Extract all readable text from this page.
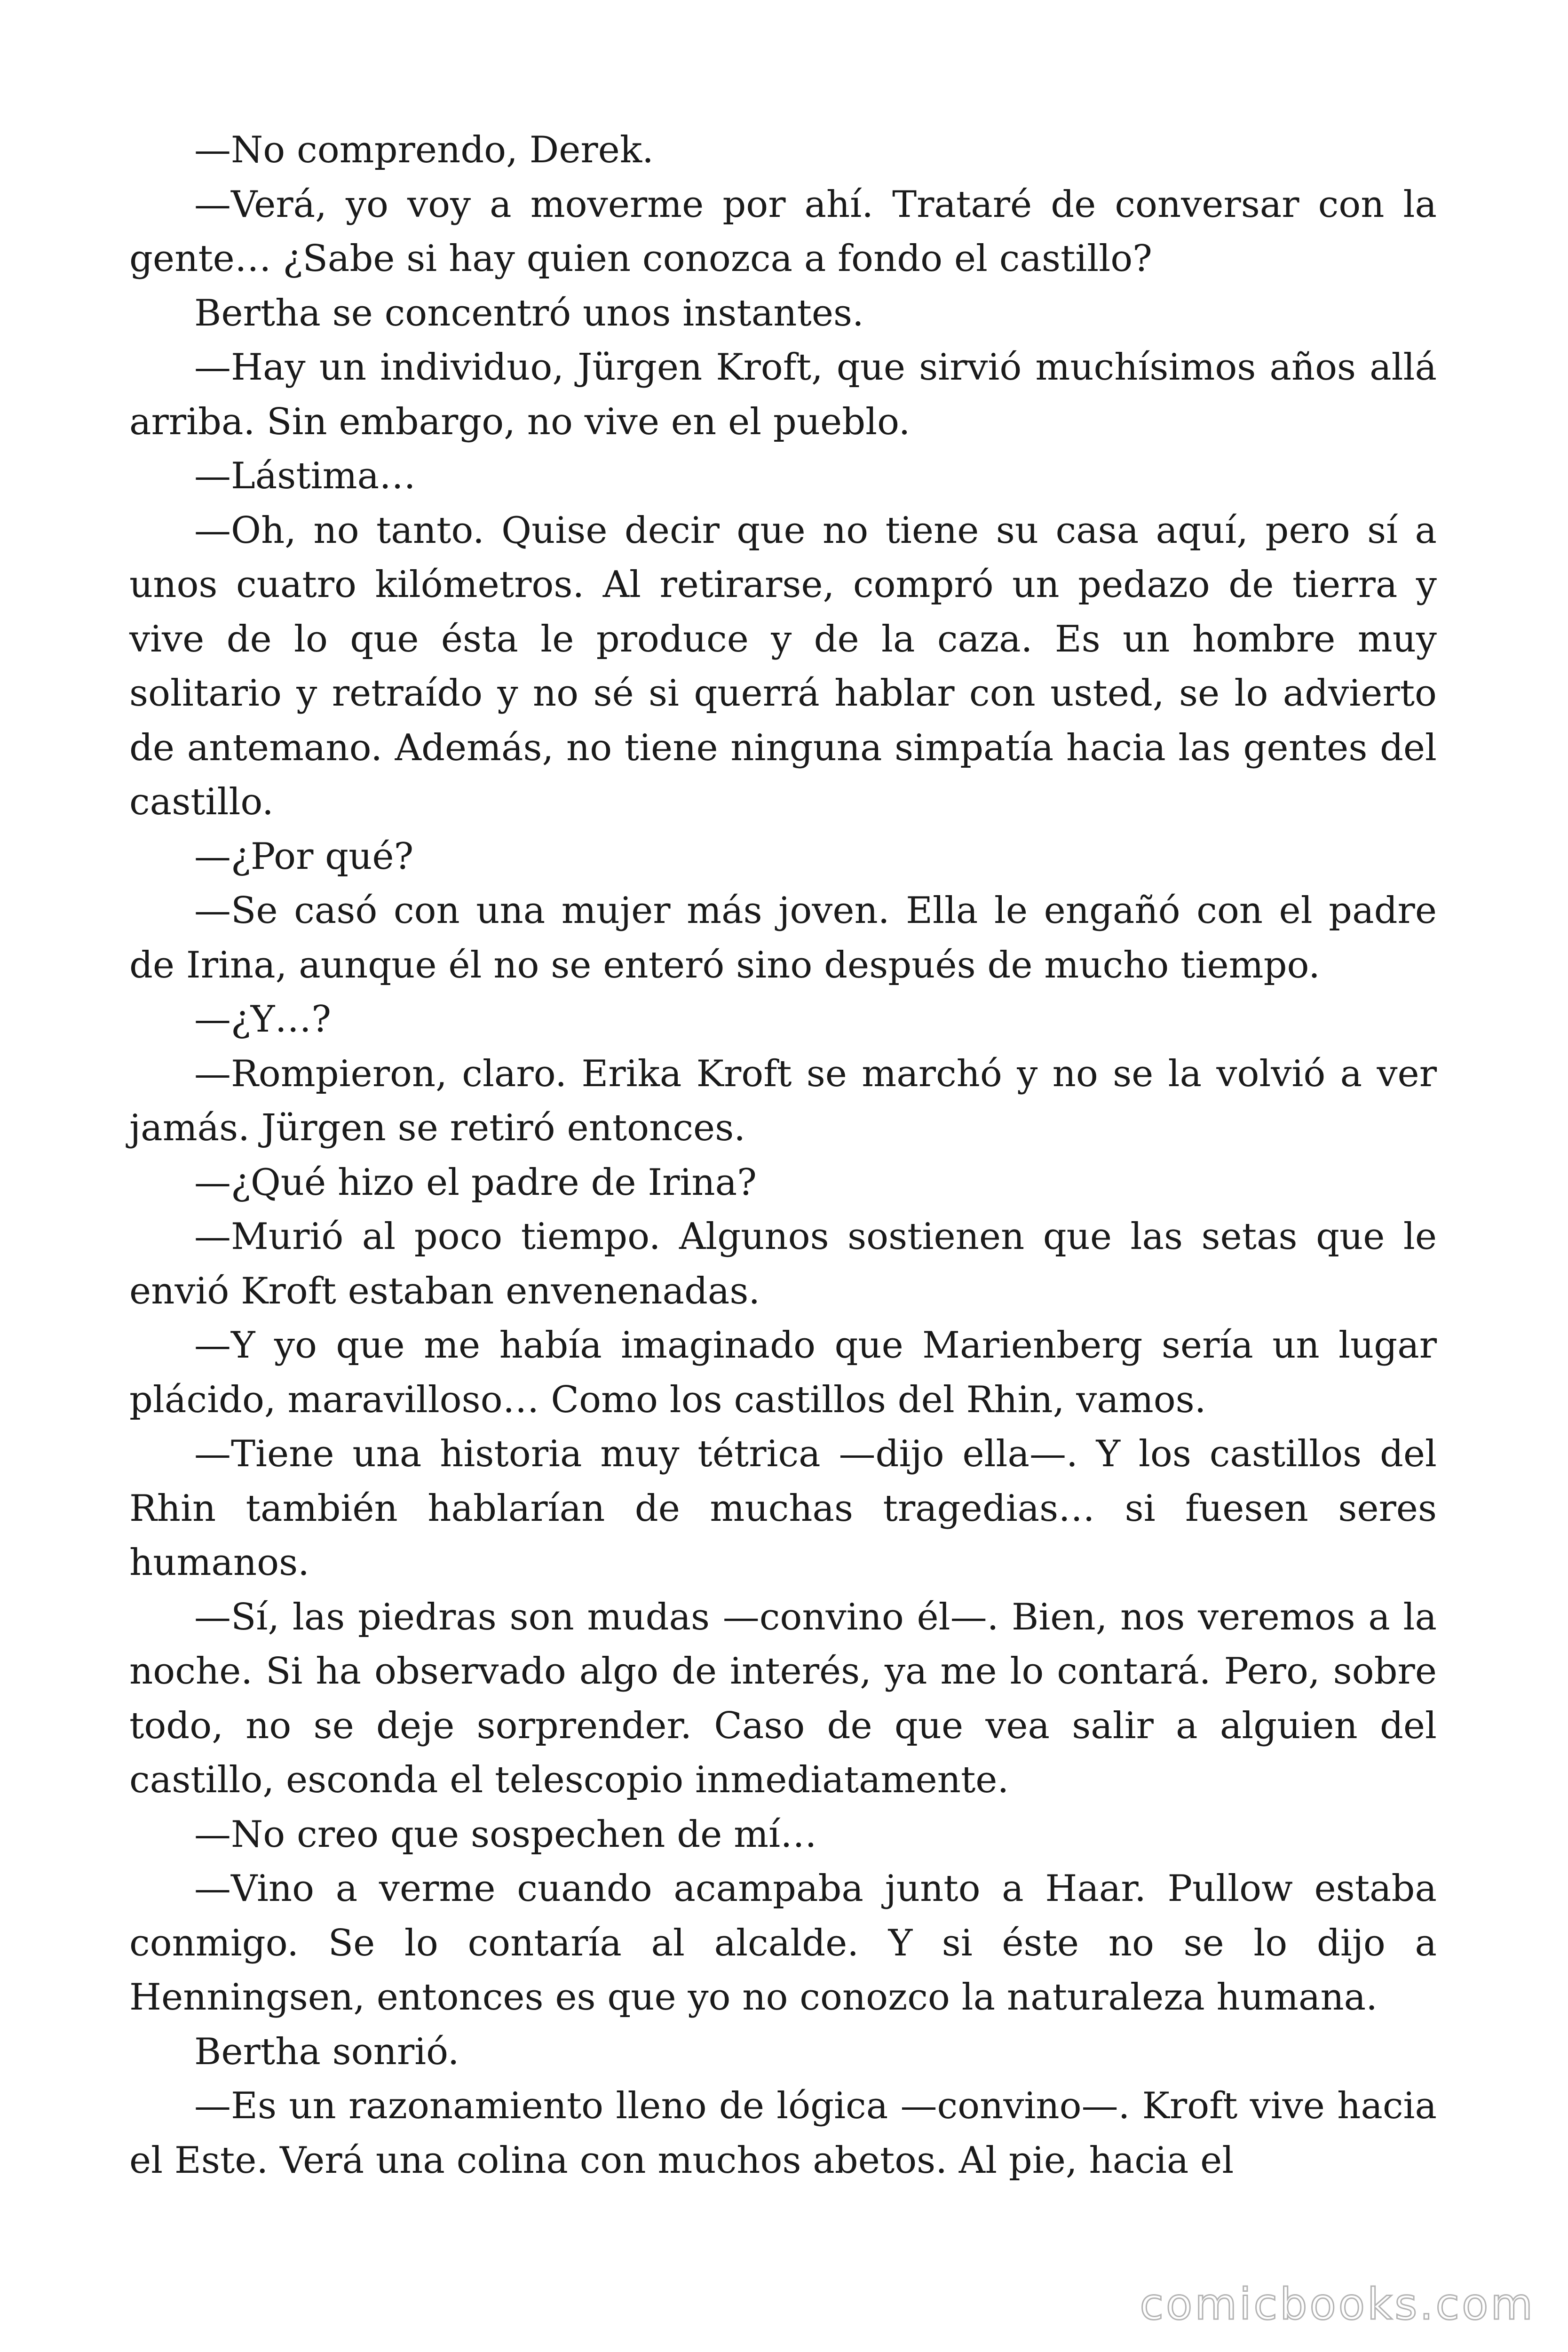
—No comprendo, Derek.

—Verá, yo voy a moverme por ahí. Trataré de conversar con la gente… ¿Sabe si hay quien conozca a fondo el castillo?

Bertha se concentró unos instantes.

—Hay un individuo, Jürgen Kroft, que sirvió muchísimos años allá arriba. Sin embargo, no vive en el pueblo.

—Lástima…

—Oh, no tanto. Quise decir que no tiene su casa aquí, pero sí a unos cuatro kilómetros. Al retirarse, compró un pedazo de tierra y vive de lo que ésta le produce y de la caza. Es un hombre muy solitario y retraído y no sé si querrá hablar con usted, se lo advierto de antemano. Además, no tiene ninguna simpatía hacia las gentes del castillo.

—¿Por qué?

—Se casó con una mujer más joven. Ella le engañó con el padre de Irina, aunque él no se enteró sino después de mucho tiempo.

—¿Y…?

—Rompieron, claro. Erika Kroft se marchó y no se la volvió a ver jamás. Jürgen se retiró entonces.

—¿Qué hizo el padre de Irina?

—Murió al poco tiempo. Algunos sostienen que las setas que le envió Kroft estaban envenenadas.

—Y yo que me había imaginado que Marienberg sería un lugar plácido, maravilloso… Como los castillos del Rhin, vamos.

—Tiene una historia muy tétrica —dijo ella—. Y los castillos del Rhin también hablarían de muchas tragedias… si fuesen seres humanos.

—Sí, las piedras son mudas —convino él—. Bien, nos veremos a la noche. Si ha observado algo de interés, ya me lo contará. Pero, sobre todo, no se deje sorprender. Caso de que vea salir a alguien del castillo, esconda el telescopio inmediatamente.

—No creo que sospechen de mí…

—Vino a verme cuando acampaba junto a Haar. Pullow estaba conmigo. Se lo contaría al alcalde. Y si éste no se lo dijo a Henningsen, entonces es que yo no conozco la naturaleza humana.

Bertha sonrió.

—Es un razonamiento lleno de lógica —convino—. Kroft vive hacia el Este. Verá una colina con muchos abetos. Al pie, hacia el

comicbooks.com
